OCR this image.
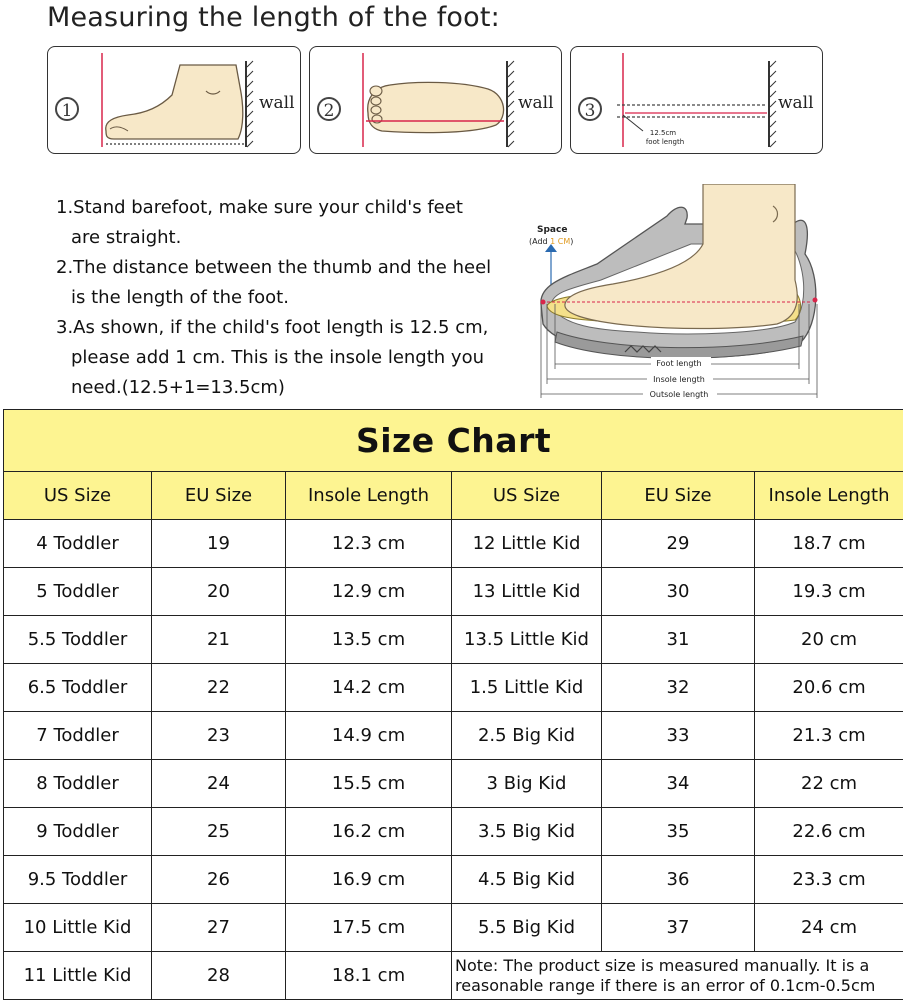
Measuring the length of the foot:
1	wall 2	wall 3
12.5cm
foot length
wall
1.Stand barefoot, make sure your child's feet
are straight.
2.The distance between the thumb and the heel
is the length of the foot.
3.As shown, if the child's foot length is 12.5 cm,
please add 1 cm. This is the insole length you
need.(12.5+1=13.5cm)
Space
(Add 1 CM)
Foot length
Insole length
Outsole length
Size Chart					
US Size	EU Size	Insole Length	US Size	EU Size	Insole Length
4 Toddler	19	12.3 cm	12 Little Kid	29	18.7 cm
5 Toddler	20	12.9 cm	13 Little Kid	30	19.3 cm
5.5 Toddler	21	13.5 cm	13.5 Little Kid	31	20 cm
6.5 Toddler	22	14.2 cm	1.5 Little Kid	32	20.6 cm
7 Toddler	23	14.9 cm	2.5 Big Kid	33	21.3 cm
8 Toddler	24	15.5 cm	3 Big Kid	34	22 cm
9 Toddler	25	16.2 cm	3.5 Big Kid	35	22.6 cm
9.5 Toddler	26	16.9 cm	4.5 Big Kid	36	23.3 cm
10 Little Kid	27	17.5 cm	5.5 Big Kid	37	24 cm
11 Little Kid	28	18.1 cm	Note: The product size is measured manually. It is a
reasonable range if there is an error of 0.1cm-0.5cm		
